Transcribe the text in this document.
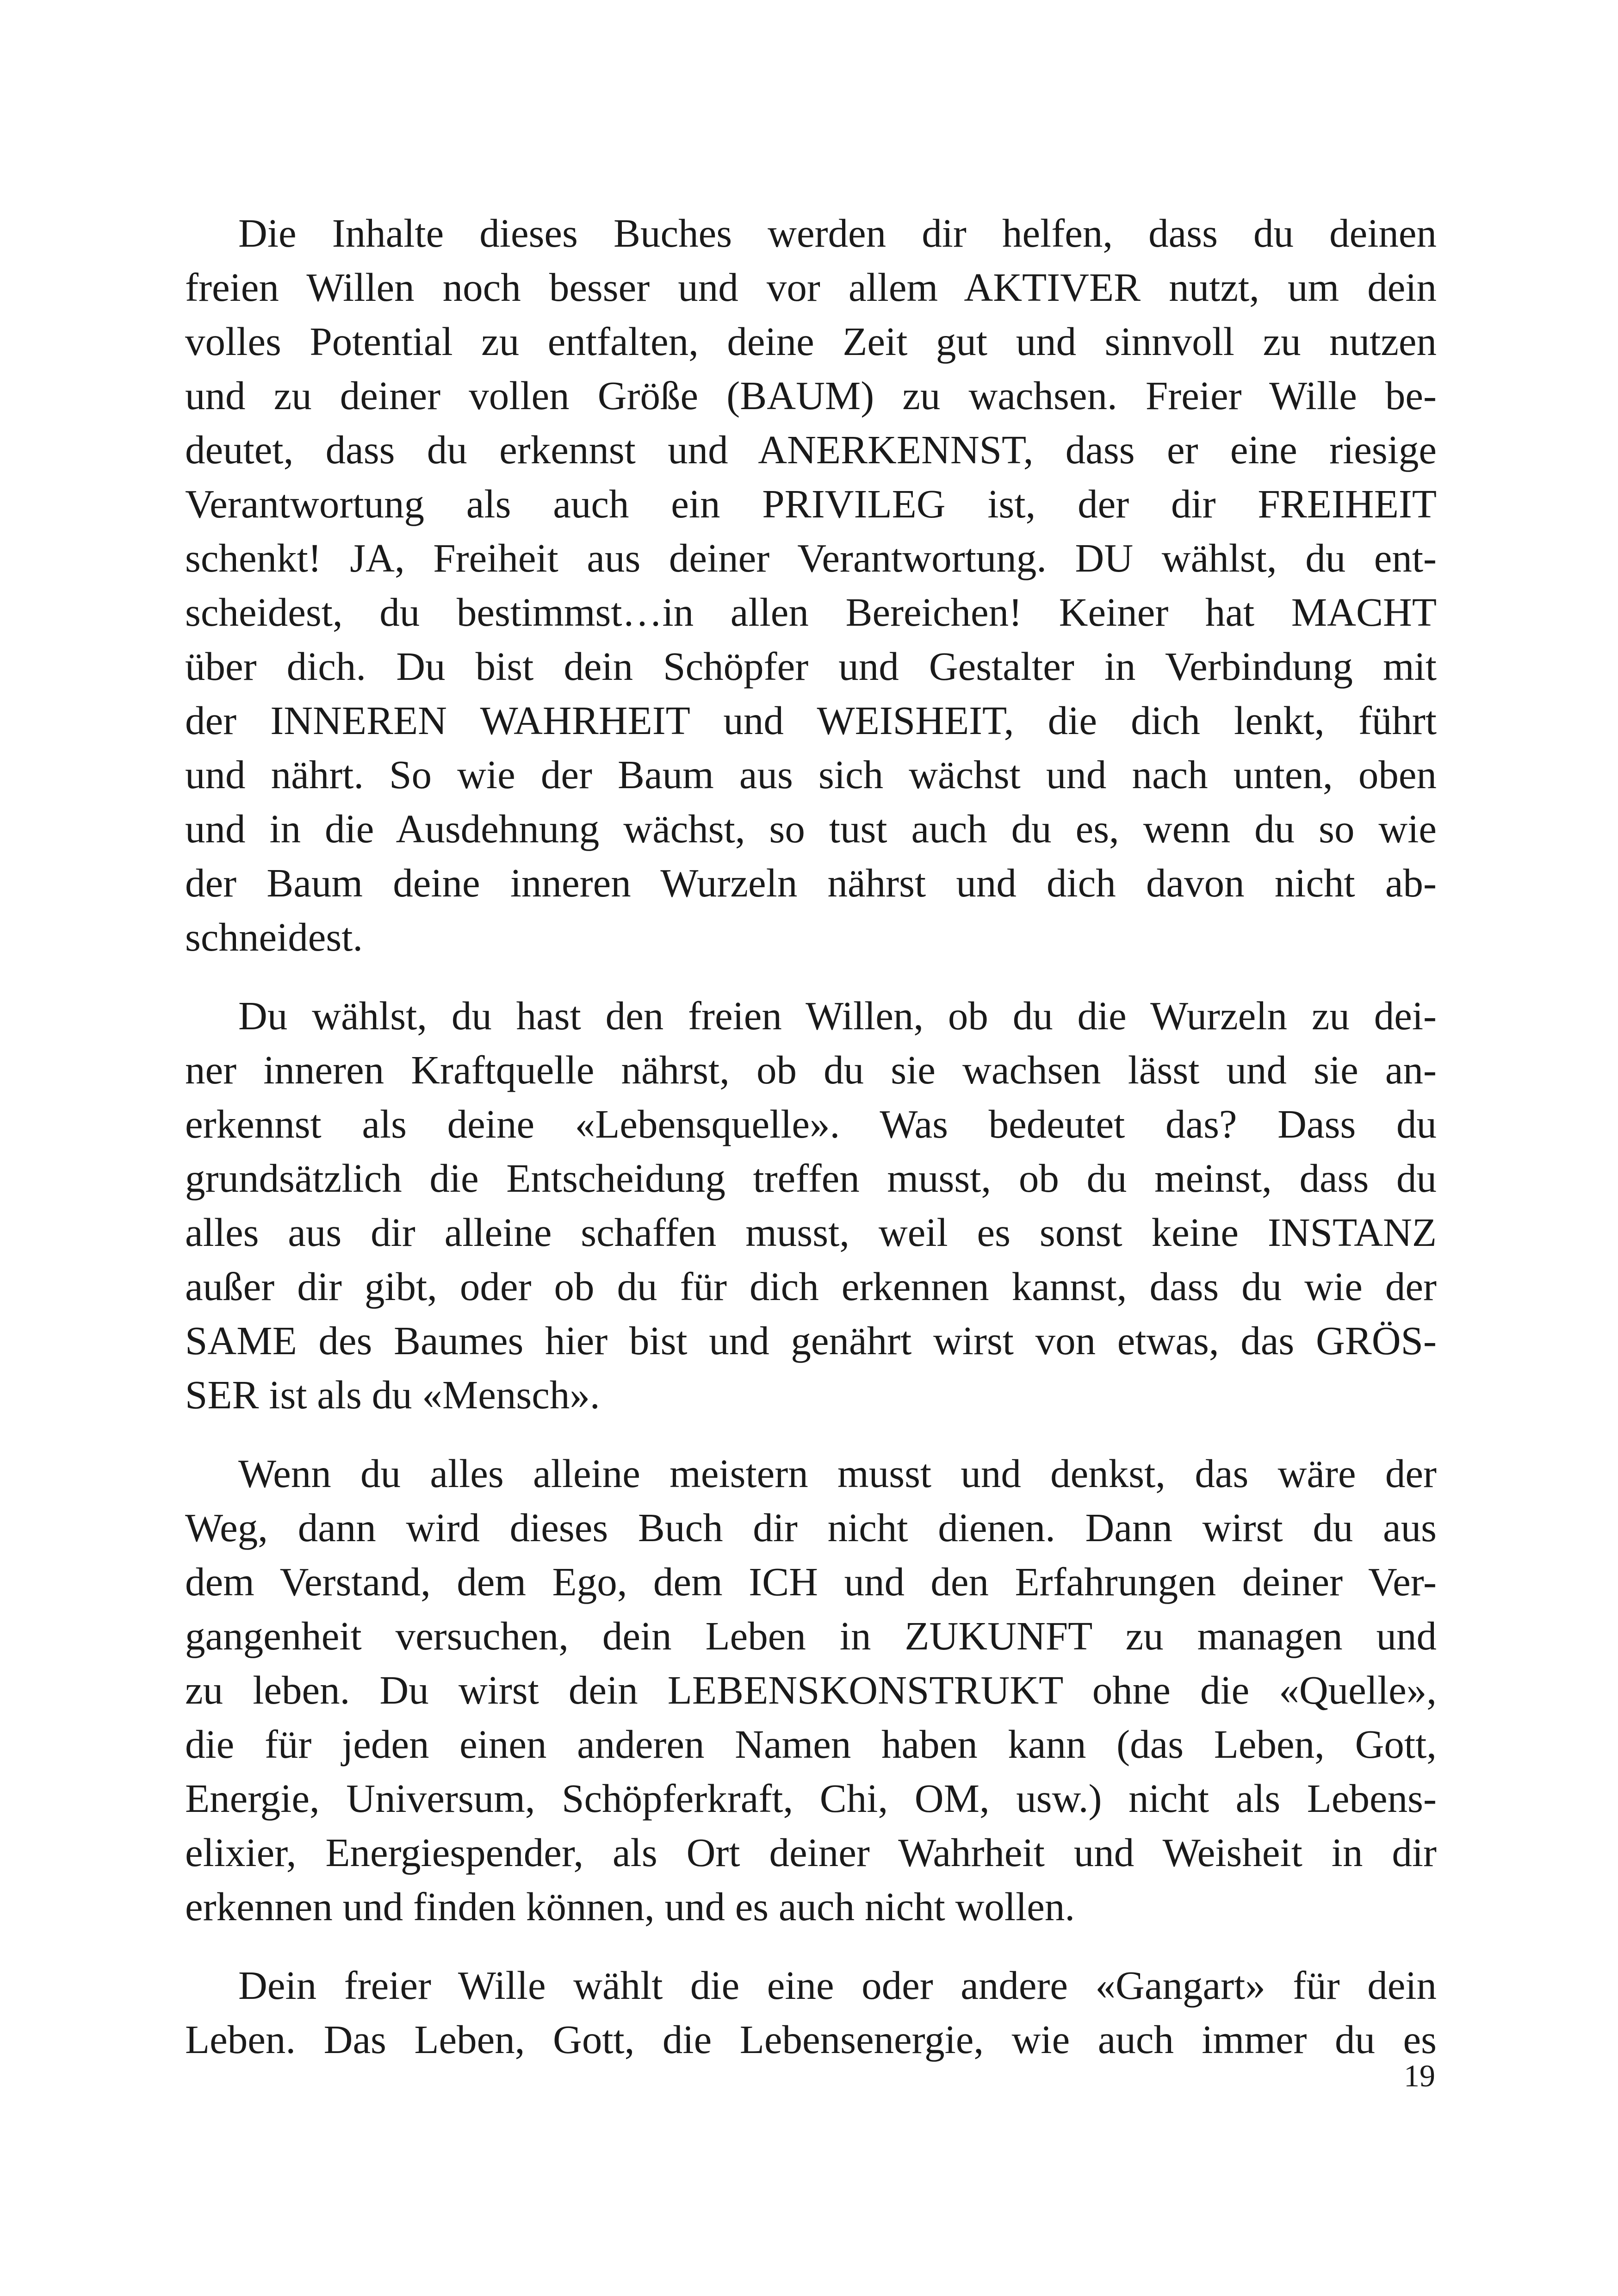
Die Inhalte dieses Buches werden dir helfen, dass du deinen
freien Willen noch besser und vor allem AKTIVER nutzt, um dein
volles Potential zu entfalten, deine Zeit gut und sinnvoll zu nutzen
und zu deiner vollen Größe (BAUM) zu wachsen. Freier Wille be-
deutet, dass du erkennst und ANERKENNST, dass er eine riesige
Verantwortung als auch ein PRIVILEG ist, der dir FREIHEIT
schenkt! JA, Freiheit aus deiner Verantwortung. DU wählst, du ent-
scheidest, du bestimmst…in allen Bereichen! Keiner hat MACHT
über dich. Du bist dein Schöpfer und Gestalter in Verbindung mit
der INNEREN WAHRHEIT und WEISHEIT, die dich lenkt, führt
und nährt. So wie der Baum aus sich wächst und nach unten, oben
und in die Ausdehnung wächst, so tust auch du es, wenn du so wie
der Baum deine inneren Wurzeln nährst und dich davon nicht ab-
schneidest.
Du wählst, du hast den freien Willen, ob du die Wurzeln zu dei-
ner inneren Kraftquelle nährst, ob du sie wachsen lässt und sie an-
erkennst als deine «Lebensquelle». Was bedeutet das? Dass du
grundsätzlich die Entscheidung treffen musst, ob du meinst, dass du
alles aus dir alleine schaffen musst, weil es sonst keine INSTANZ
außer dir gibt, oder ob du für dich erkennen kannst, dass du wie der
SAME des Baumes hier bist und genährt wirst von etwas, das GRÖS-
SER ist als du «Mensch».
Wenn du alles alleine meistern musst und denkst, das wäre der
Weg, dann wird dieses Buch dir nicht dienen. Dann wirst du aus
dem Verstand, dem Ego, dem ICH und den Erfahrungen deiner Ver-
gangenheit versuchen, dein Leben in ZUKUNFT zu managen und
zu leben. Du wirst dein LEBENSKONSTRUKT ohne die «Quelle»,
die für jeden einen anderen Namen haben kann (das Leben, Gott,
Energie, Universum, Schöpferkraft, Chi, OM, usw.) nicht als Lebens-
elixier, Energiespender, als Ort deiner Wahrheit und Weisheit in dir
erkennen und finden können, und es auch nicht wollen.
Dein freier Wille wählt die eine oder andere «Gangart» für dein
Leben. Das Leben, Gott, die Lebensenergie, wie auch immer du es
19
